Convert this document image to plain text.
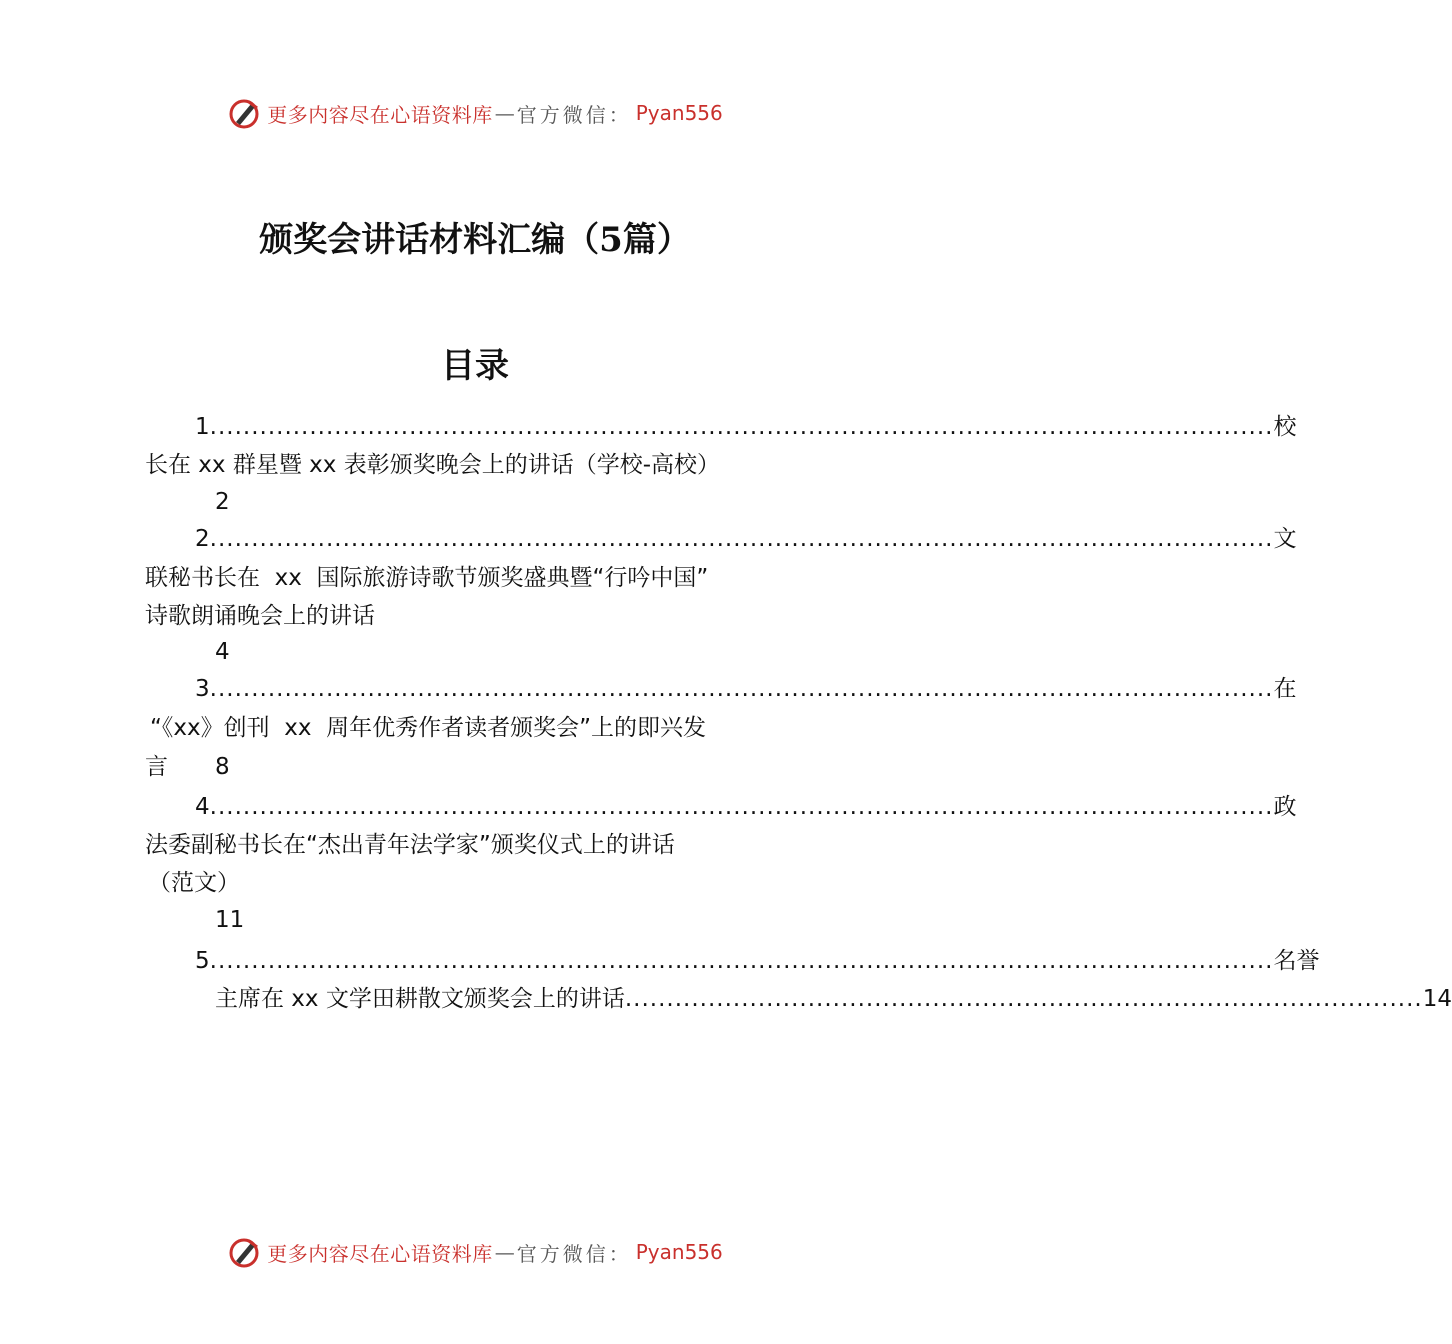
更多内容尽在心语资料库 — 官方微信： Pyan556
颁奖会讲话材料汇编（5篇）
目录
1 ................................................................................................................................ 校
长在 xx 群星暨 xx 表彰颁奖晚会上的讲话（学校-高校）
2
2 ................................................................................................................................ 文
联秘书长在  xx  国际旅游诗歌节颁奖盛典暨“行吟中国”
诗歌朗诵晚会上的讲话
4
3 ................................................................................................................................ 在
“《xx》创刊  xx  周年优秀作者读者颁奖会”上的即兴发
言 8
4 ................................................................................................................................ 政
法委副秘书长在“杰出青年法学家”颁奖仪式上的讲话
（范文）
11
5 ................................................................................................................................ 名誉
主席在 xx 文学田耕散文颁奖会上的讲话 ................................................................................................ 14
更多内容尽在心语资料库 — 官方微信： Pyan556
